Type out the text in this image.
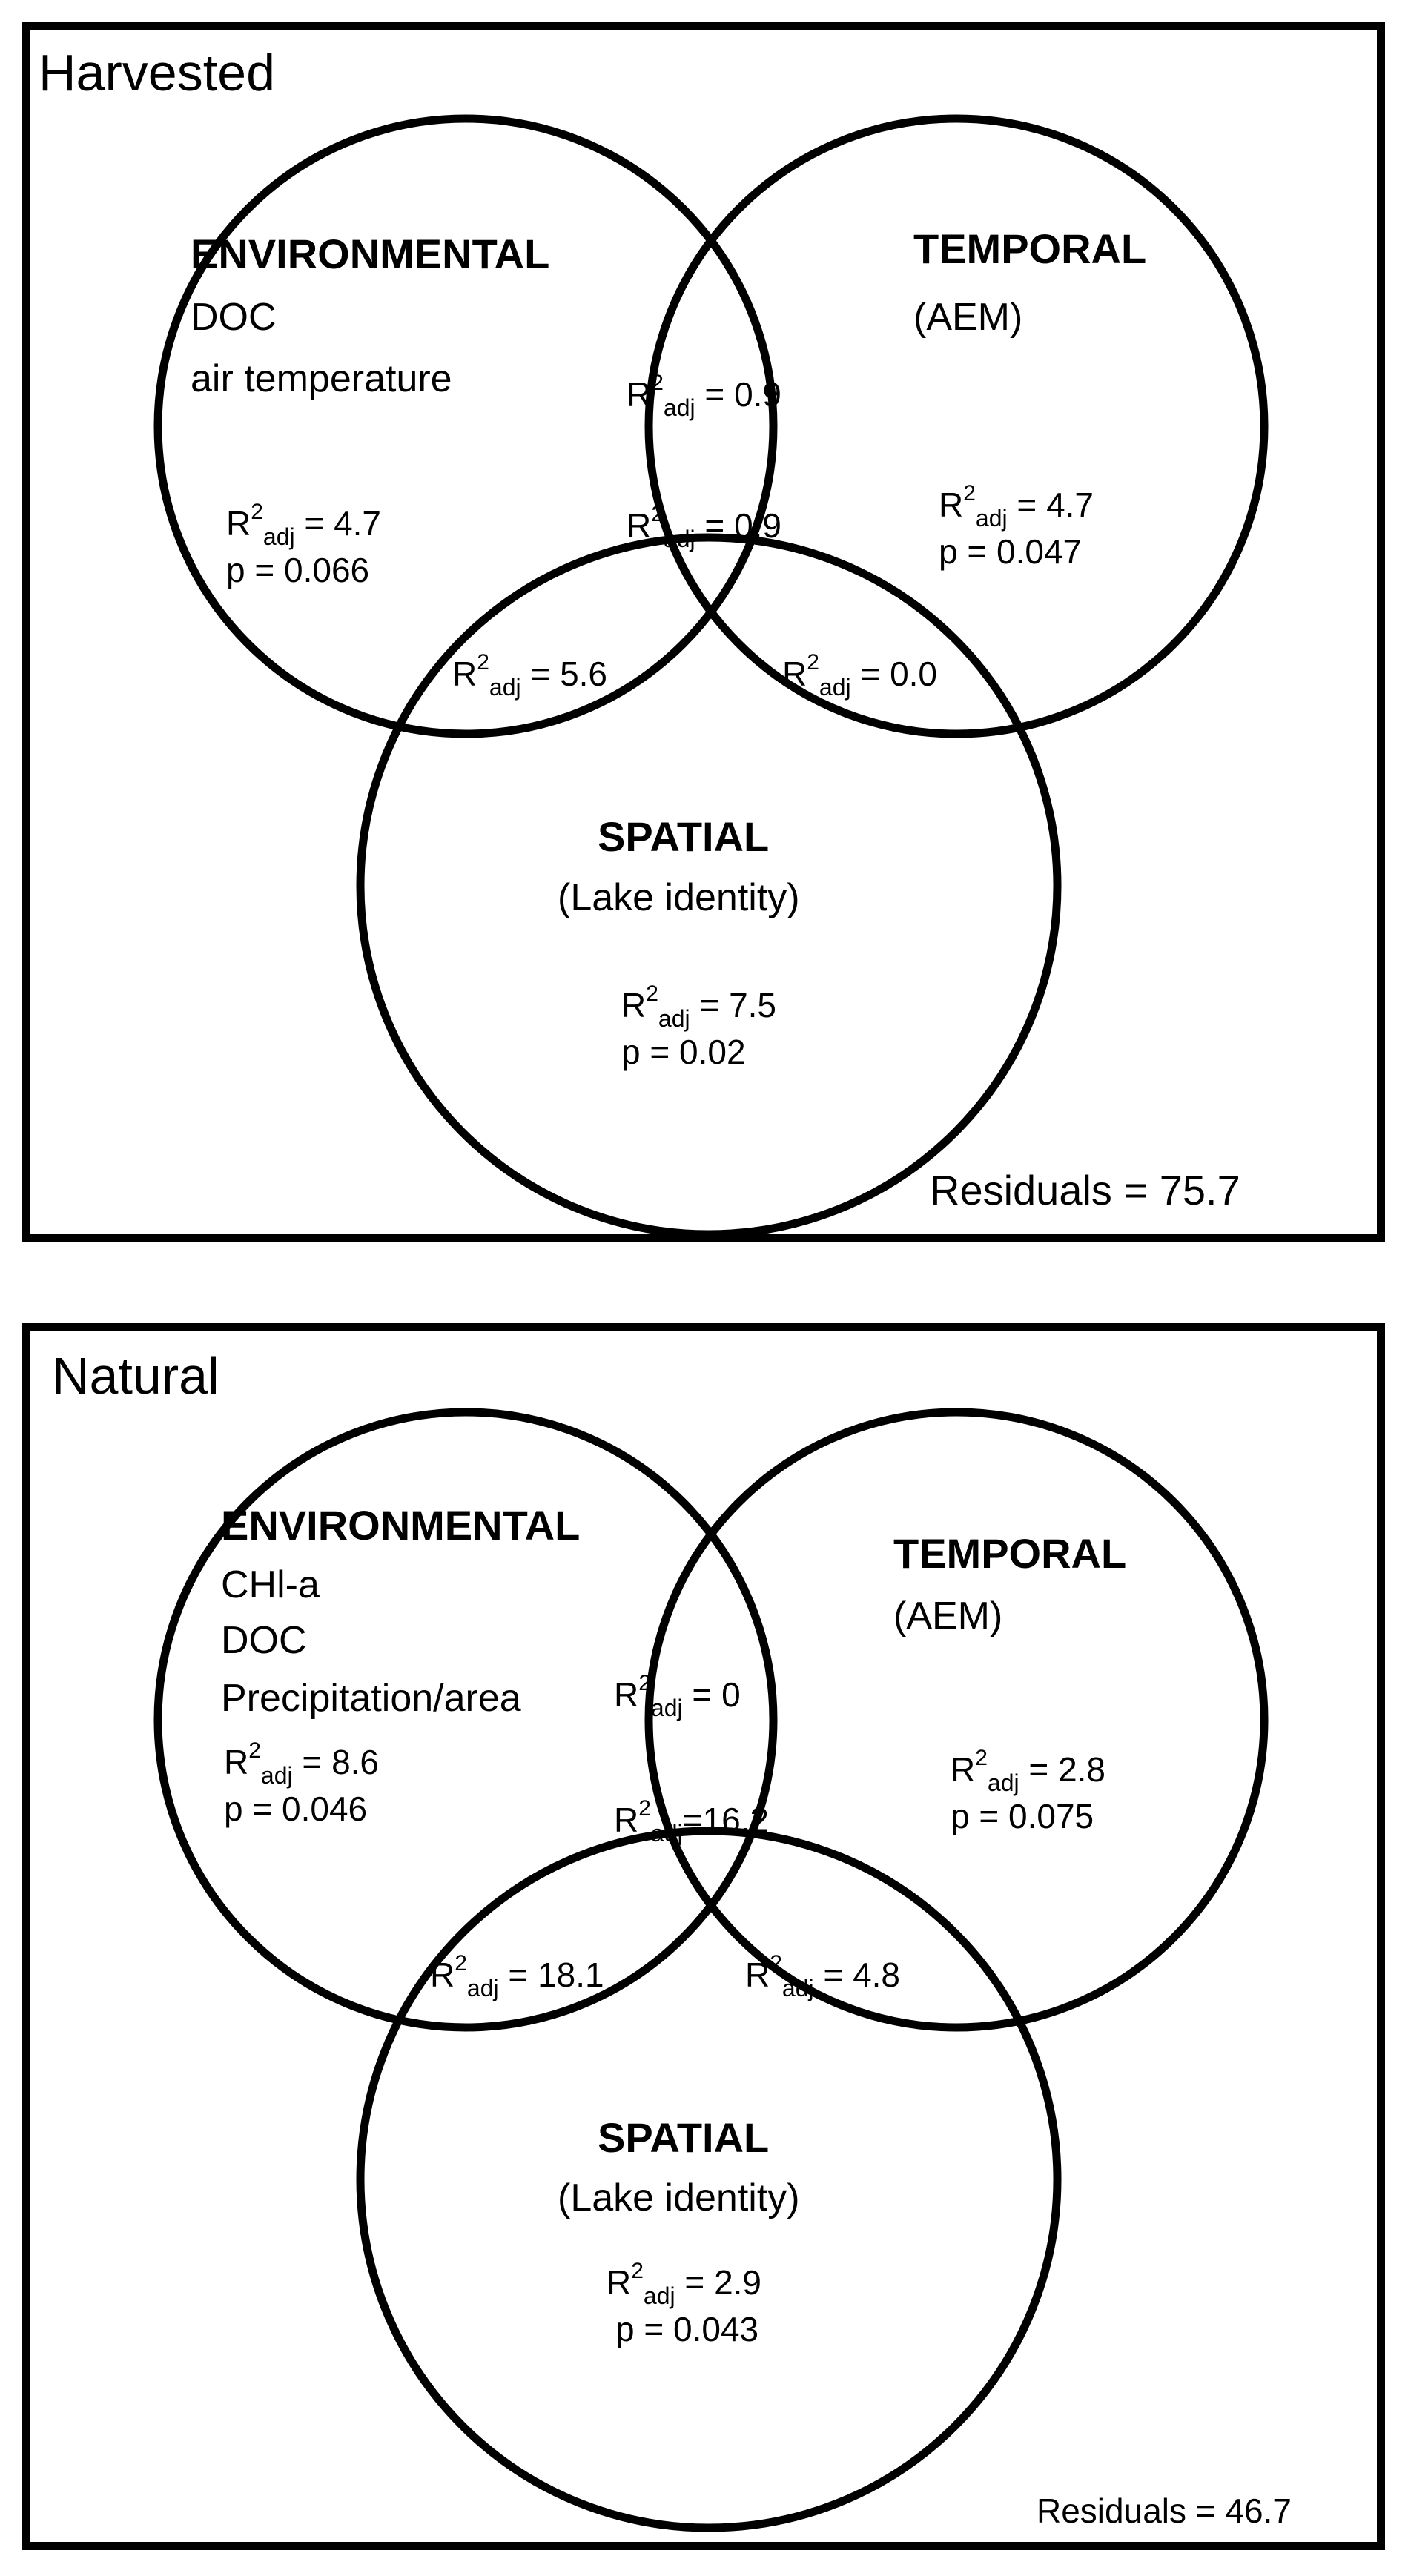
Harvested
ENVIRONMENTAL
DOC
air temperature
$R^2_{adj} = 4.7$
p = 0.066
TEMPORAL
(AEM)
$R^2_{adj} = 4.7$
p = 0.047
$R^2_{adj} = 0.9$
$R^2_{adj} = 0.9$
$R^2_{adj} = 5.6$	$R^2_{adj} = 0.0$
SPATIAL
(Lake identity)
$R^2_{adj} = 7.5$
p = 0.02
Residuals = 75.7
Natural
ENVIRONMENTAL
CHl-a
DOC
Precipitation/area
$R^2_{adj} = 8.6$
p = 0.046
TEMPORAL
(AEM)
$R^2_{adj} = 2.8$
p = 0.075
$R^2_{adj} = 0$
$R^2_{adj}=16.2$
$R^2_{adj} = 18.1$	$R^2_{adj} = 4.8$
SPATIAL
(Lake identity)
$R^2_{adj} = 2.9$
p = 0.043
Residuals = 46.7
